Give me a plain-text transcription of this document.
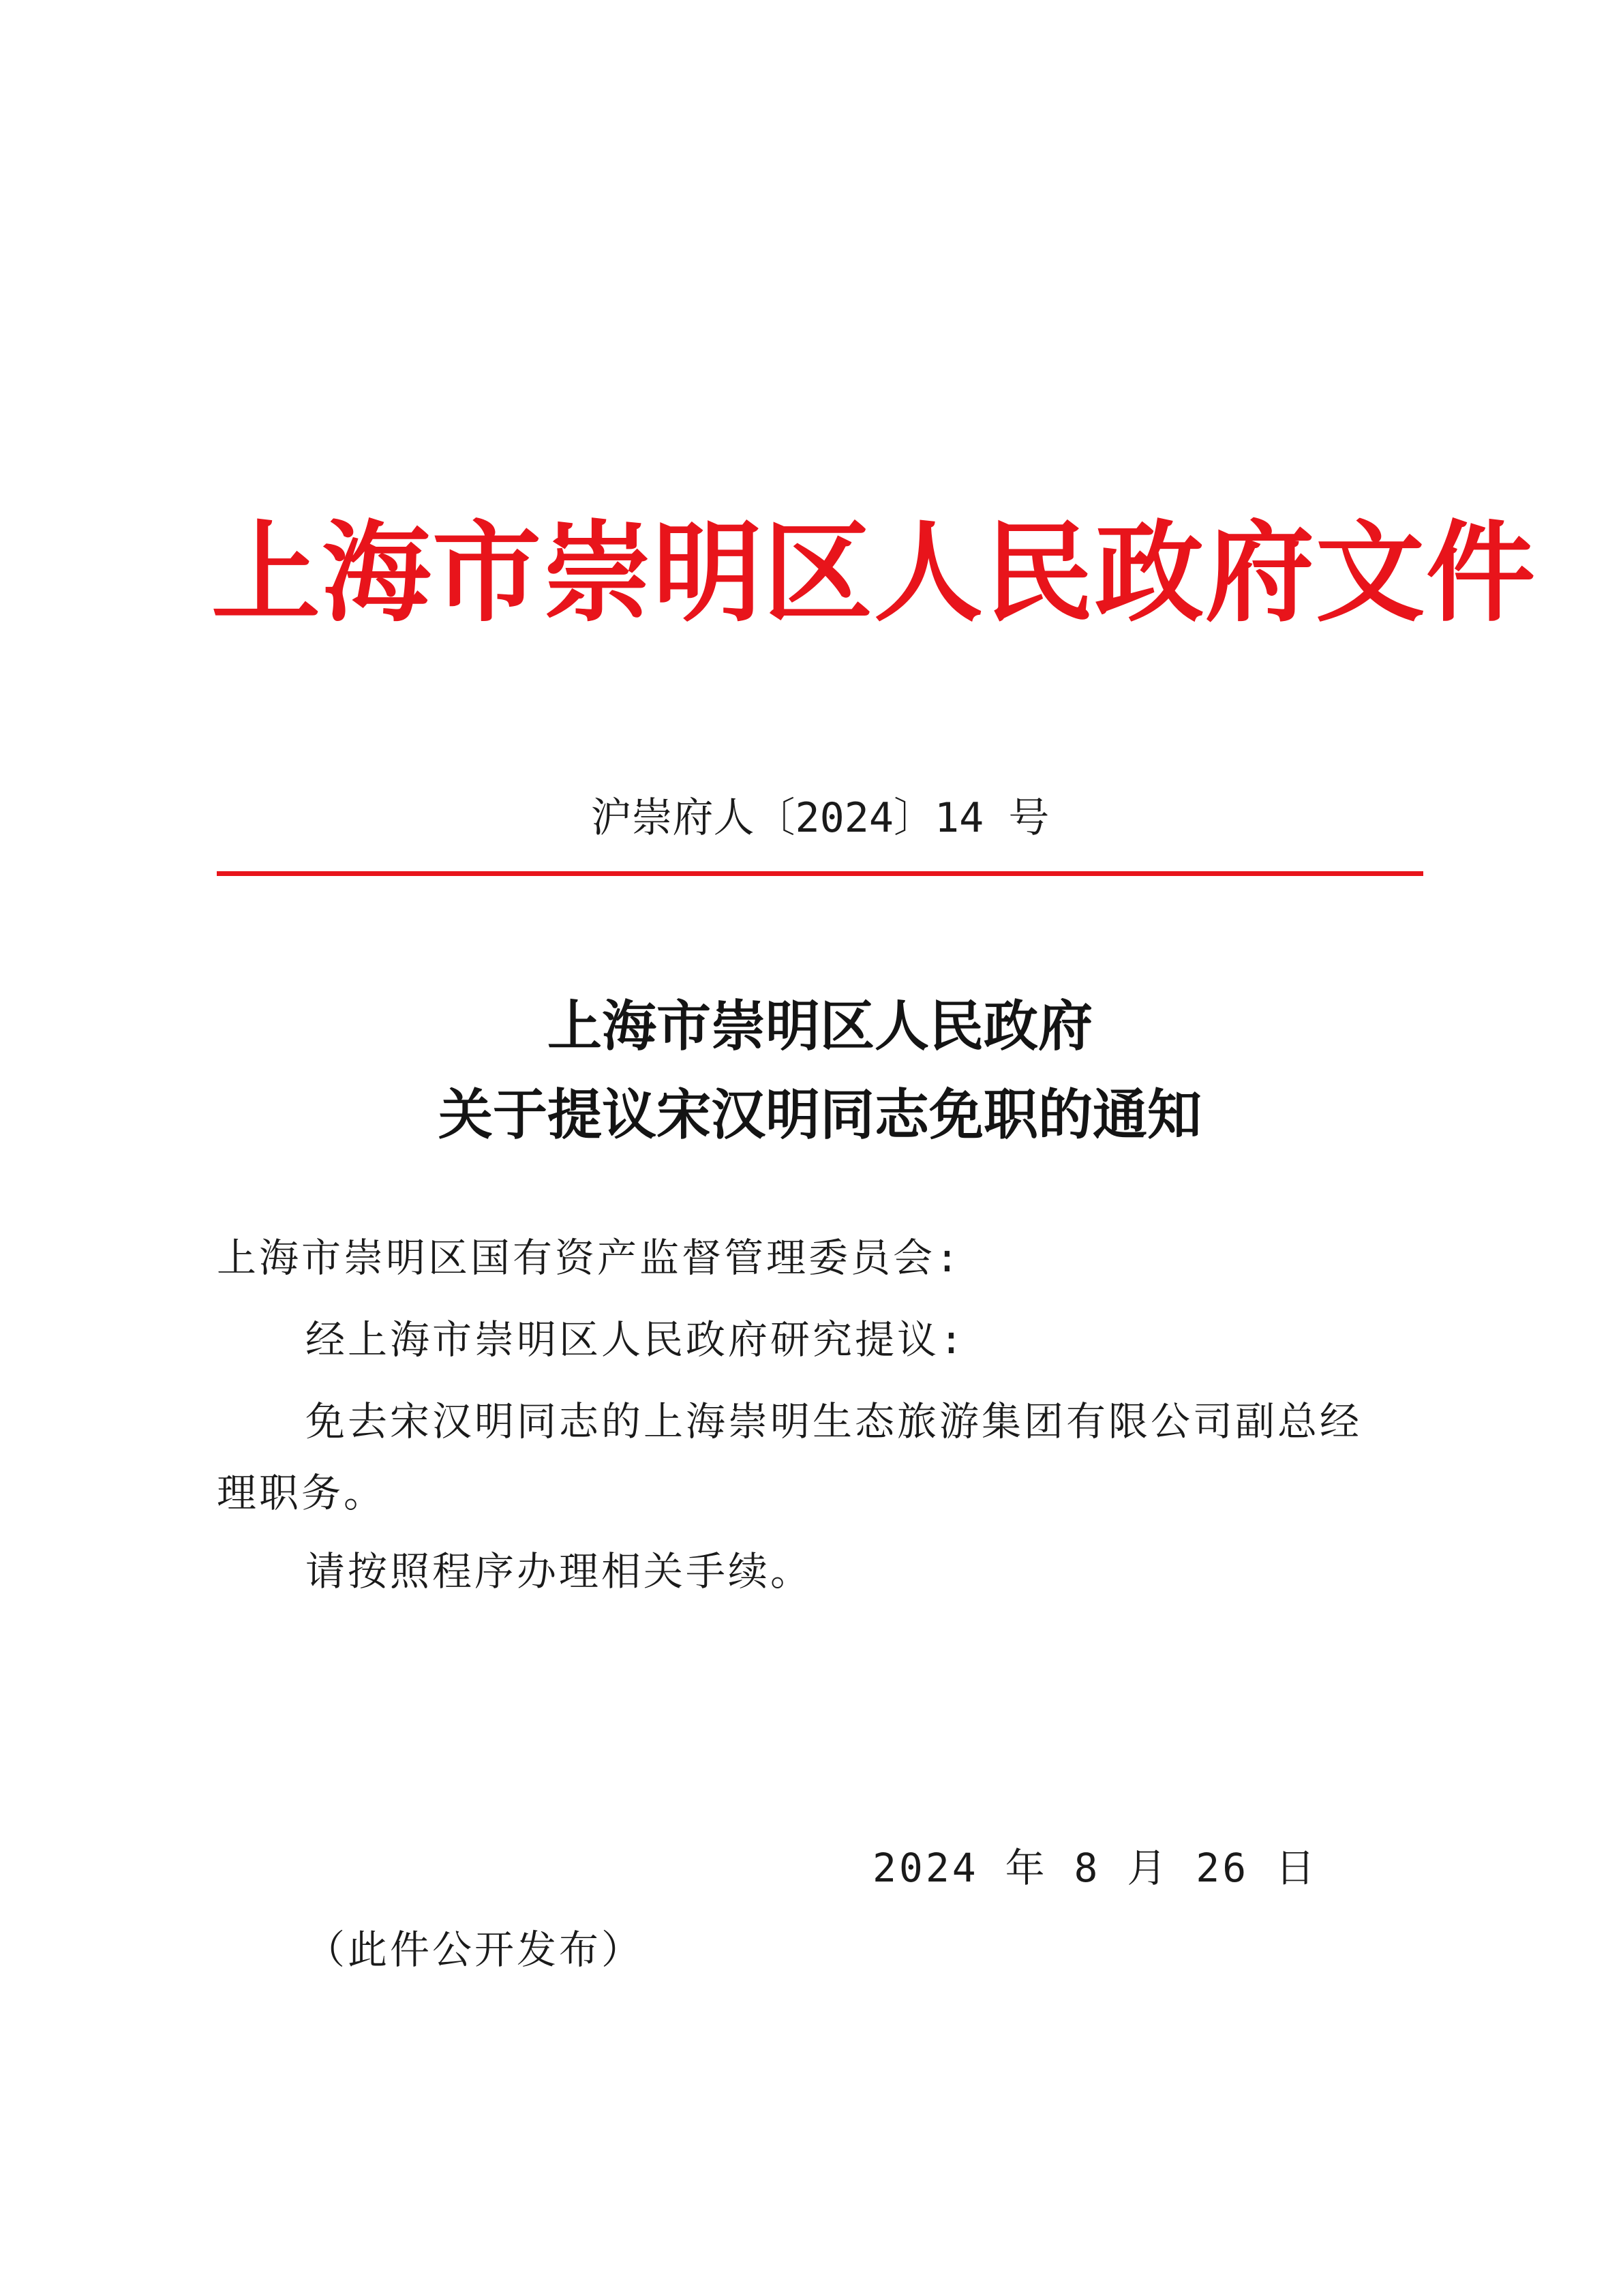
上海市崇明区人民政府文件
沪崇府人〔2024〕14 号
上海市崇明区人民政府
关于提议宋汉明同志免职的通知
上海市崇明区国有资产监督管理委员会:
经上海市崇明区人民政府研究提议:
免去宋汉明同志的上海崇明生态旅游集团有限公司副总经
理职务。
请按照程序办理相关手续。
2024 年 8 月 26 日
（此件公开发布）
